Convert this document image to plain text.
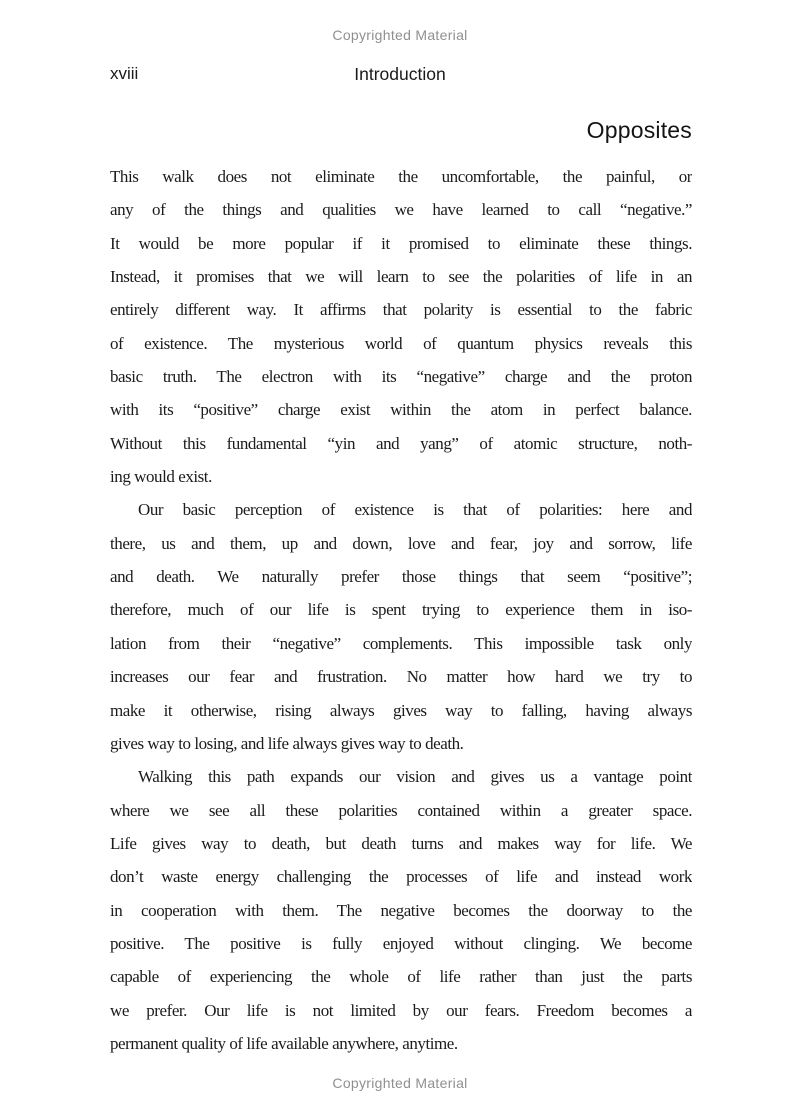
Copyrighted Material
xviii	Introduction
Opposites
This walk does not eliminate the uncomfortable, the painful, or
any of the things and qualities we have learned to call “negative.”
It would be more popular if it promised to eliminate these things.
Instead, it promises that we will learn to see the polarities of life in an
entirely different way. It affirms that polarity is essential to the fabric
of existence. The mysterious world of quantum physics reveals this
basic truth. The electron with its “negative” charge and the proton
with its “positive” charge exist within the atom in perfect balance.
Without this fundamental “yin and yang” of atomic structure, noth-
ing would exist.
Our basic perception of existence is that of polarities: here and
there, us and them, up and down, love and fear, joy and sorrow, life
and death. We naturally prefer those things that seem “positive”;
therefore, much of our life is spent trying to experience them in iso-
lation from their “negative” complements. This impossible task only
increases our fear and frustration. No matter how hard we try to
make it otherwise, rising always gives way to falling, having always
gives way to losing, and life always gives way to death.
Walking this path expands our vision and gives us a vantage point
where we see all these polarities contained within a greater space.
Life gives way to death, but death turns and makes way for life. We
don’t waste energy challenging the processes of life and instead work
in cooperation with them. The negative becomes the doorway to the
positive. The positive is fully enjoyed without clinging. We become
capable of experiencing the whole of life rather than just the parts
we prefer. Our life is not limited by our fears. Freedom becomes a
permanent quality of life available anywhere, anytime.
Copyrighted Material
